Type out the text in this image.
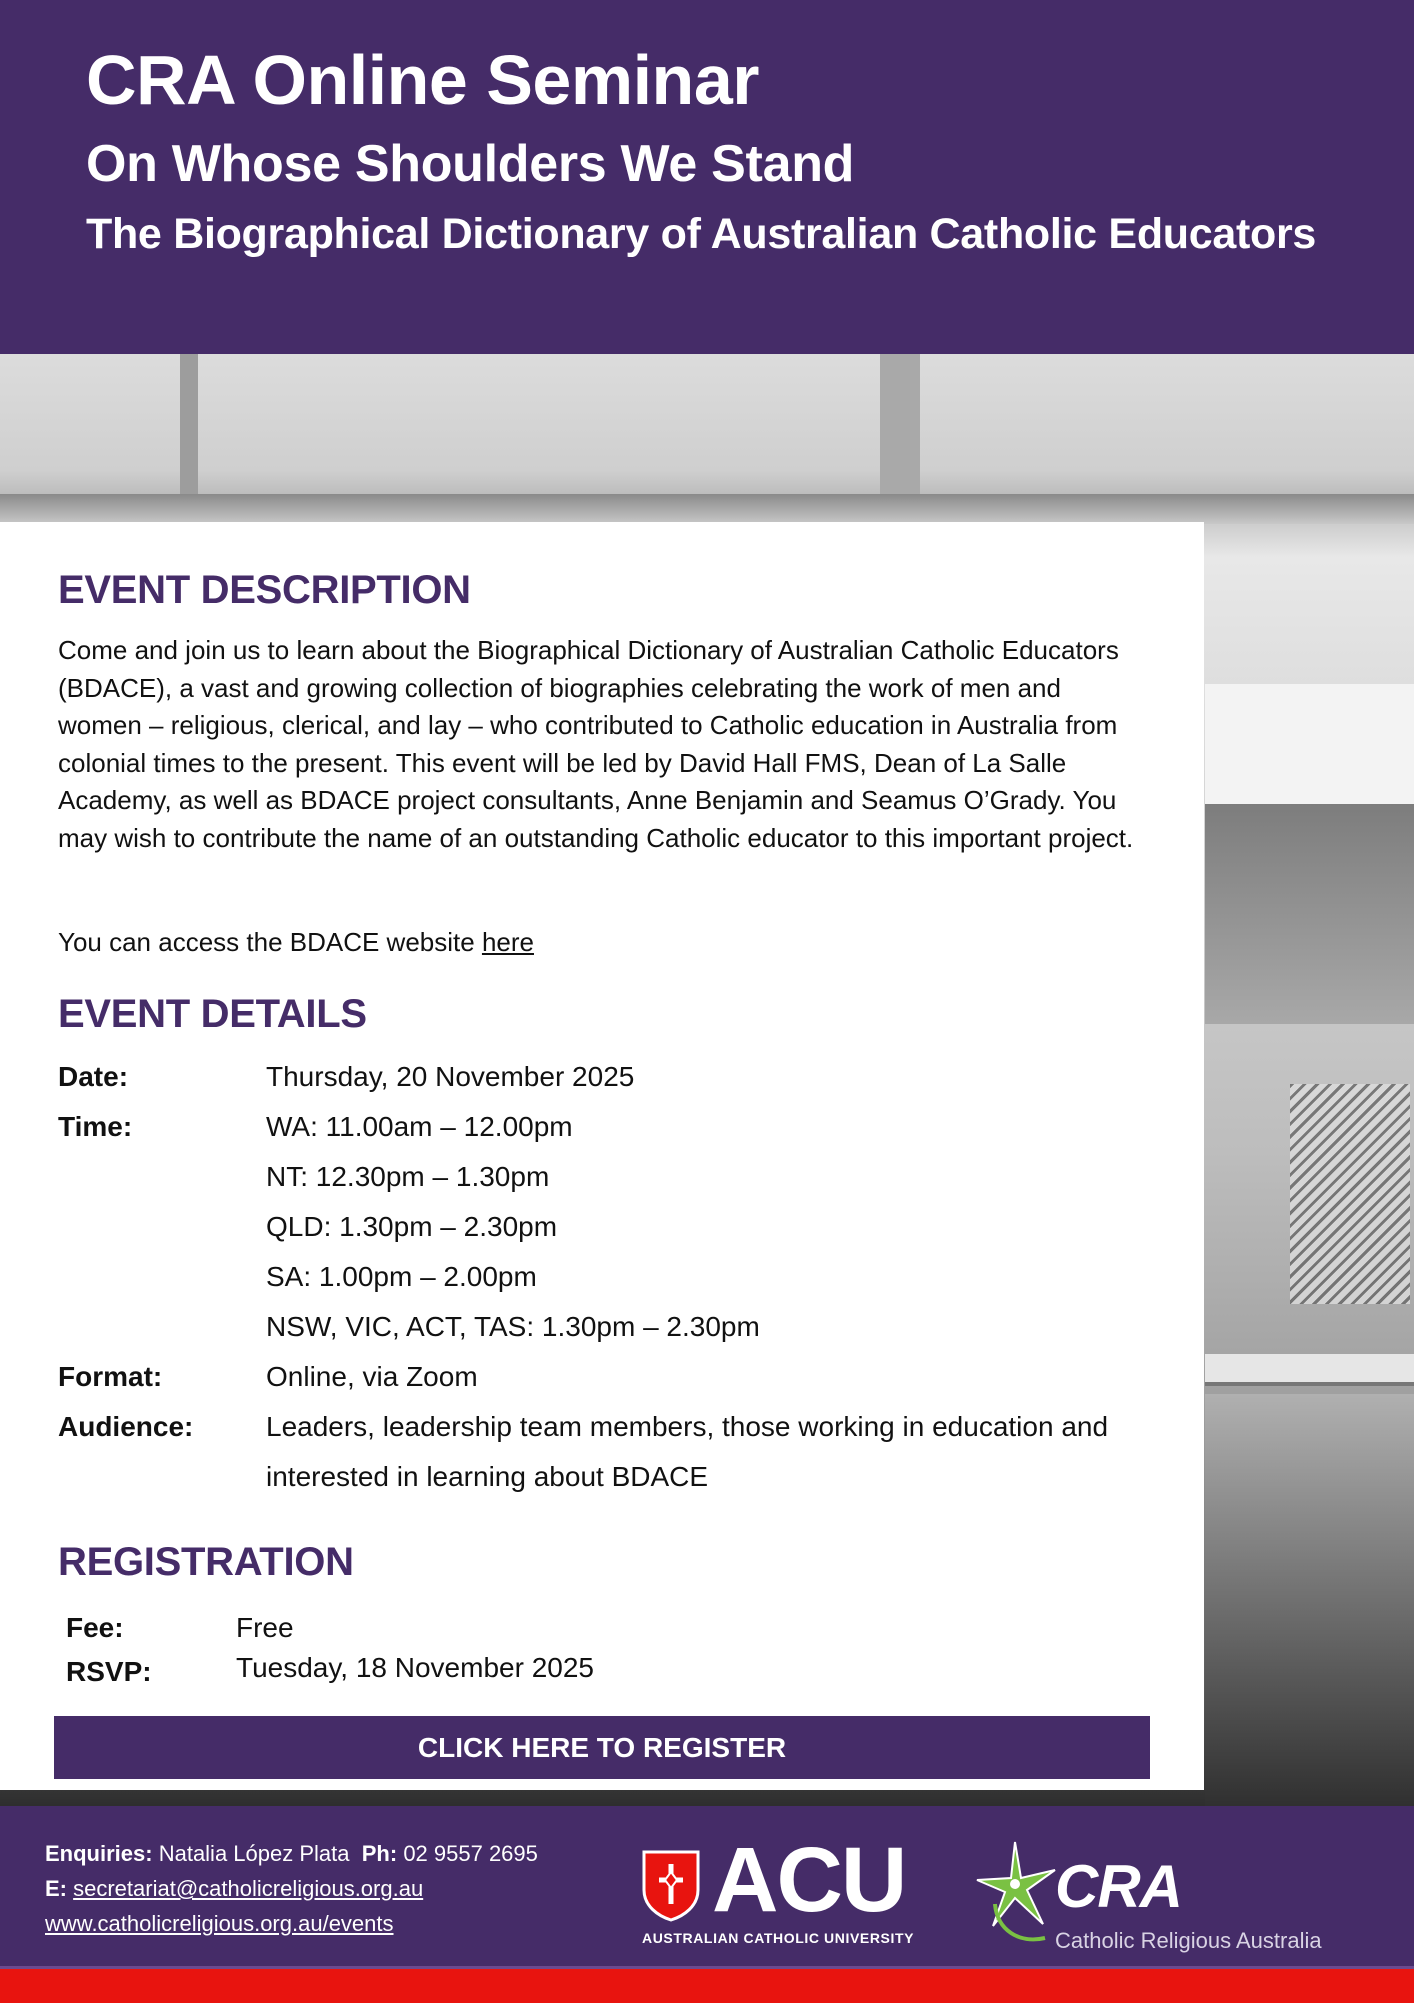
CRA Online Seminar
On Whose Shoulders We Stand
The Biographical Dictionary of Australian Catholic Educators
EVENT DESCRIPTION
Come and join us to learn about the Biographical Dictionary of Australian Catholic Educators (BDACE), a vast and growing collection of biographies celebrating the work of men and women – religious, clerical, and lay – who contributed to Catholic education in Australia from colonial times to the present. This event will be led by David Hall FMS, Dean of La Salle Academy, as well as BDACE project consultants, Anne Benjamin and Seamus O’Grady. You may wish to contribute the name of an outstanding Catholic educator to this important project.
You can access the BDACE website here
EVENT DETAILS
Date:	Thursday, 20 November 2025
Time:	WA: 11.00am – 12.00pm
NT: 12.30pm – 1.30pm
QLD: 1.30pm – 2.30pm
SA: 1.00pm – 2.00pm
NSW, VIC, ACT, TAS: 1.30pm – 2.30pm
Format:	Online, via Zoom
Audience:	Leaders, leadership team members, those working in education and interested in learning about BDACE
REGISTRATION
Fee:	Free
RSVP:	Tuesday, 18 November 2025
CLICK HERE TO REGISTER
Enquiries: Natalia López Plata Ph: 02 9557 2695
E: secretariat@catholicreligious.org.au
www.catholicreligious.org.au/events	ACU
AUSTRALIAN CATHOLIC UNIVERSITY
CRA
Catholic Religious Australia
